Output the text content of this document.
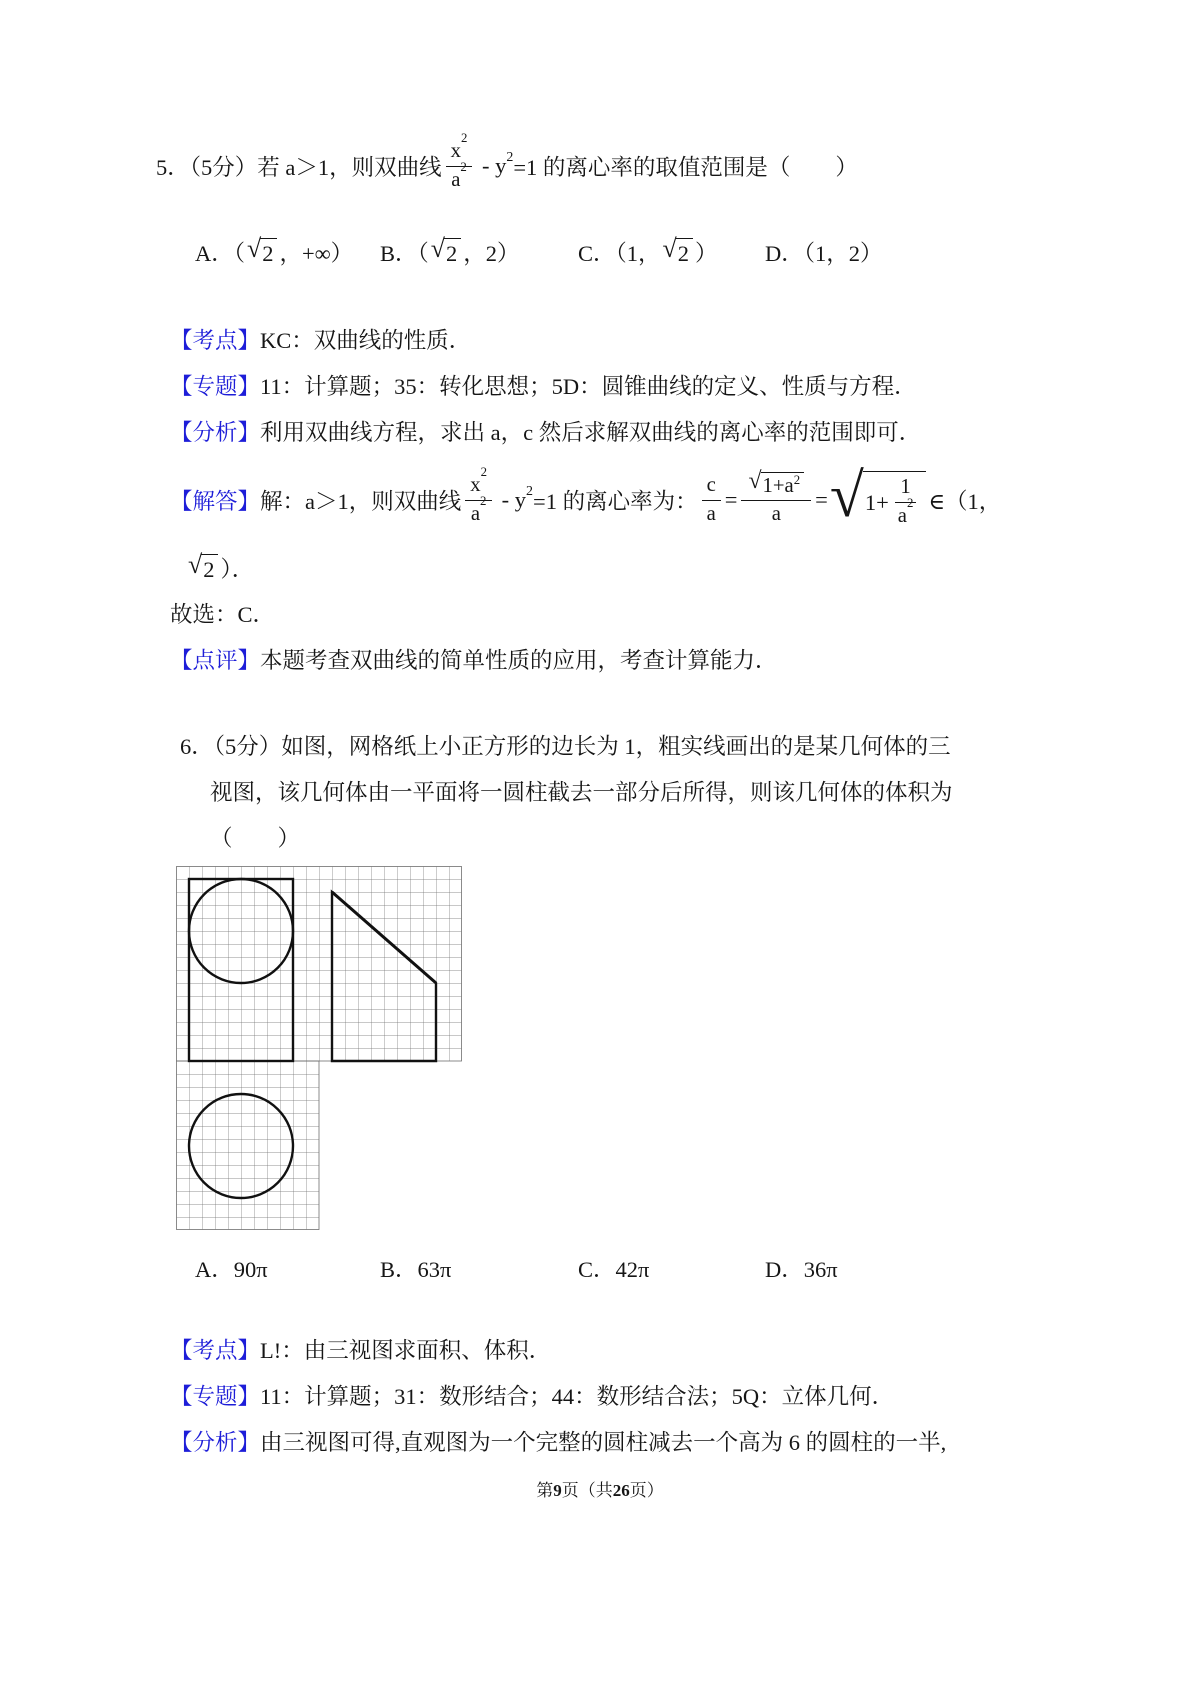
5．（5分）若 a＞1，则双曲线 $\frac{x^2}{a^2} - y^2 =1$ 的离心率的取值范围是（　　）
A．（ √ 2 ，+∞） B．（ √ 2 ，2）	C．（1， √ 2 ） D．（1，2）
【考点】KC：双曲线的性质．
【专题】11：计算题；35：转化思想；5D：圆锥曲线的定义、性质与方程．
【分析】利用双曲线方程，求出 a，c 然后求解双曲线的离心率的范围即可．
【解答】 解：a＞1，则双曲线 $\frac{x^2}{a^2} - y^2 =1$ 的离心率为： $\frac{c}{a} = \frac{√ 1+a^2}{a}$ = √ $1+ \frac{1}{a^2}$ ∈（1，
√ 2 ）．
故选：C．
【点评】本题考查双曲线的简单性质的应用，考查计算能力．
6．（5分）如图，网格纸上小正方形的边长为 1，粗实线画出的是某几何体的三
视图，该几何体由一平面将一圆柱截去一部分后所得，则该几何体的体积为
（　　）
A．90π	B．63π	C．42π	D．36π
【考点】L!：由三视图求面积、体积．
【专题】11：计算题；31：数形结合；44：数形结合法；5Q：立体几何．
【分析】由三视图可得,直观图为一个完整的圆柱减去一个高为 6 的圆柱的一半,
第9页（共26页）
